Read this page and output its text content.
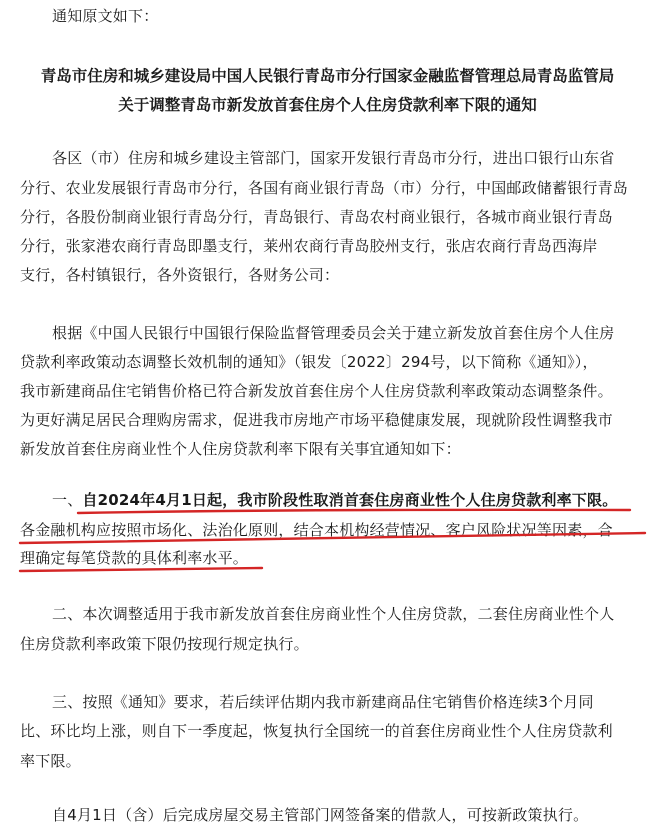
通知原文如下：
青岛市住房和城乡建设局中国人民银行青岛市分行国家金融监督管理总局青岛监管局
关于调整青岛市新发放首套住房个人住房贷款利率下限的通知
各区（市）住房和城乡建设主管部门，国家开发银行青岛市分行，进出口银行山东省
分行、农业发展银行青岛市分行，各国有商业银行青岛（市）分行，中国邮政储蓄银行青岛
分行，各股份制商业银行青岛分行，青岛银行、青岛农村商业银行，各城市商业银行青岛
分行，张家港农商行青岛即墨支行，莱州农商行青岛胶州支行，张店农商行青岛西海岸
支行，各村镇银行，各外资银行，各财务公司：
根据《中国人民银行中国银行保险监督管理委员会关于建立新发放首套住房个人住房
贷款利率政策动态调整长效机制的通知》（银发〔2022〕294号，以下简称《通知》），
我市新建商品住宅销售价格已符合新发放首套住房个人住房贷款利率政策动态调整条件。
为更好满足居民合理购房需求，促进我市房地产市场平稳健康发展，现就阶段性调整我市
新发放首套住房商业性个人住房贷款利率下限有关事宜通知如下：
一、自2024年4月1日起，我市阶段性取消首套住房商业性个人住房贷款利率下限。
各金融机构应按照市场化、法治化原则，结合本机构经营情况、客户风险状况等因素，合
理确定每笔贷款的具体利率水平。
二、本次调整适用于我市新发放首套住房商业性个人住房贷款，二套住房商业性个人
住房贷款利率政策下限仍按现行规定执行。
三、按照《通知》要求，若后续评估期内我市新建商品住宅销售价格连续3个月同
比、环比均上涨，则自下一季度起，恢复执行全国统一的首套住房商业性个人住房贷款利
率下限。
自4月1日（含）后完成房屋交易主管部门网签备案的借款人，可按新政策执行。
